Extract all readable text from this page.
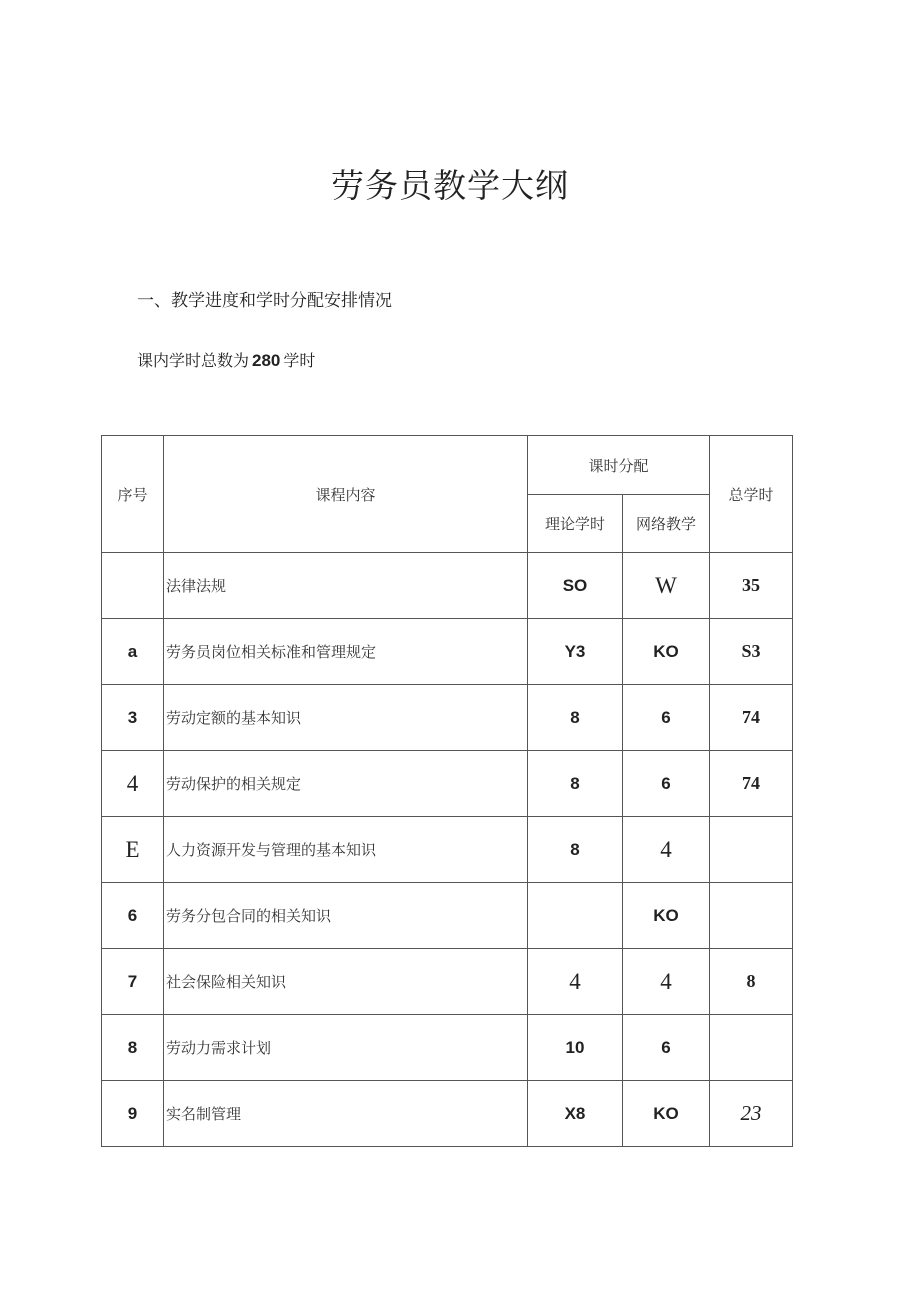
劳务员教学大纲
一、教学进度和学时分配安排情况
课内学时总数为 280 学时
序号	课程内容	课时分配		总学时
		理论学时	网络教学	
	法律法规	SO	W	35
a	劳务员岗位相关标准和管理规定	Y3	KO	S3
3	劳动定额的基本知识	8	6	74
4	劳动保护的相关规定	8	6	74
E	人力资源开发与管理的基本知识	8	4	
6	劳务分包合同的相关知识		KO	
7	社会保险相关知识	4	4	8
8	劳动力需求计划	10	6	
9	实名制管理	X8	KO	23
